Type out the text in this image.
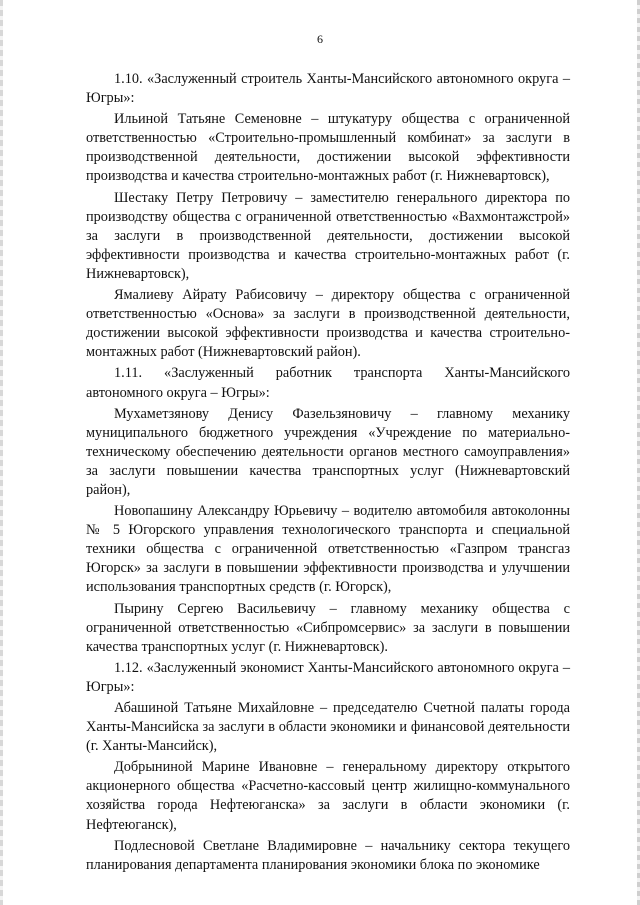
6

1.10. «Заслуженный строитель Ханты-Мансийского автономного округа – Югры»:

Ильиной Татьяне Семеновне – штукатуру общества с ограниченной ответственностью «Строительно-промышленный комбинат» за заслуги в производственной деятельности, достижении высокой эффективности производства и качества строительно-монтажных работ (г. Нижневартовск),

Шестаку Петру Петровичу – заместителю генерального директора по производству общества с ограниченной ответственностью «Вахмонтажстрой» за заслуги в производственной деятельности, достижении высокой эффективности производства и качества строительно-монтажных работ (г. Нижневартовск),

Ямалиеву Айрату Рабисовичу – директору общества с ограниченной ответственностью «Основа» за заслуги в производственной деятельности, достижении высокой эффективности производства и качества строительно-монтажных работ (Нижневартовский район).

1.11. «Заслуженный работник транспорта Ханты-Мансийского автономного округа – Югры»:

Мухаметзянову Денису Фазельзяновичу – главному механику муниципального бюджетного учреждения «Учреждение по материально-техническому обеспечению деятельности органов местного самоуправления» за заслуги повышении качества транспортных услуг (Нижневартовский район),

Новопашину Александру Юрьевичу – водителю автомобиля автоколонны № 5 Югорского управления технологического транспорта и специальной техники общества с ограниченной ответственностью «Газпром трансгаз Югорск» за заслуги в повышении эффективности производства и улучшении использования транспортных средств (г. Югорск),

Пырину Сергею Васильевичу – главному механику общества с ограниченной ответственностью «Сибпромсервис» за заслуги в повышении качества транспортных услуг (г. Нижневартовск).

1.12. «Заслуженный экономист Ханты-Мансийского автономного округа – Югры»:

Абашиной Татьяне Михайловне – председателю Счетной палаты города Ханты-Мансийска за заслуги в области экономики и финансовой деятельности (г. Ханты-Мансийск),

Добрыниной Марине Ивановне – генеральному директору открытого акционерного общества «Расчетно-кассовый центр жилищно-коммунального хозяйства города Нефтеюганска» за заслуги в области экономики (г. Нефтеюганск),

Подлесновой Светлане Владимировне – начальнику сектора текущего планирования департамента планирования экономики блока по экономике
